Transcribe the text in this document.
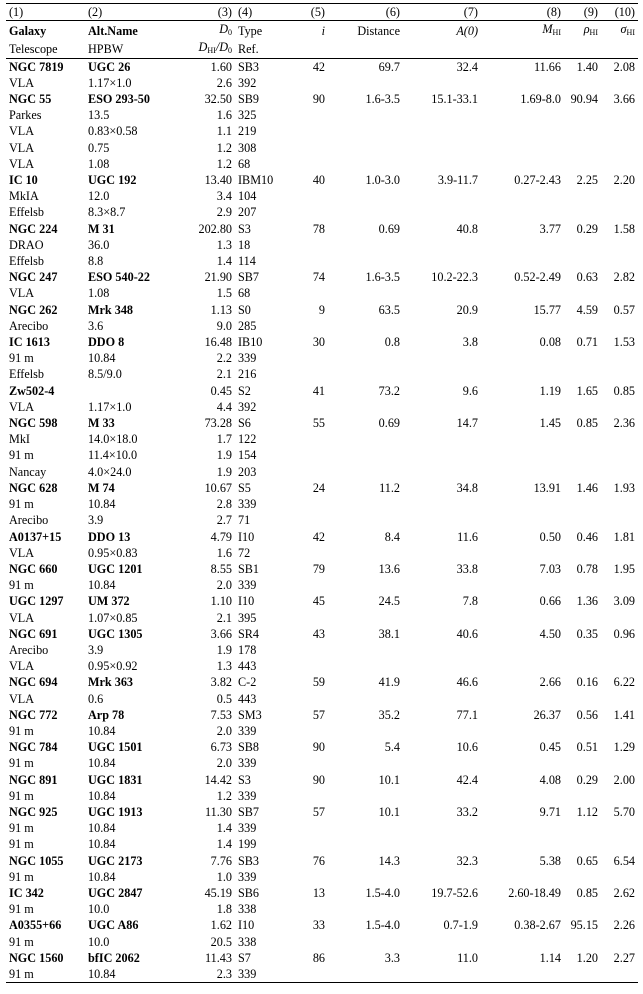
(1)	(2)	(3)	(4)	(5)	(6)	(7)	(8)	(9)	(10)
Galaxy	Alt.Name	$D_0$	Type	i	Distance	A(0)	$M_{HI}$	$\rho_{HI}$	$\sigma_{HI}$
Telescope	HPBW	$D_{HI}/D_0$	Ref.						
NGC 7819	UGC 26	1.60	SB3	42	69.7	32.4	11.66	1.40	2.08
VLA	1.17×1.0	2.6	392						
NGC 55	ESO 293-50	32.50	SB9	90	1.6-3.5	15.1-33.1	1.69-8.0	90.94	3.66
Parkes	13.5	1.6	325						
VLA	0.83×0.58	1.1	219						
VLA	0.75	1.2	308						
VLA	1.08	1.2	68						
IC 10	UGC 192	13.40	IBM10	40	1.0-3.0	3.9-11.7	0.27-2.43	2.25	2.20
MkIA	12.0	3.4	104						
Effelsb	8.3×8.7	2.9	207						
NGC 224	M 31	202.80	S3	78	0.69	40.8	3.77	0.29	1.58
DRAO	36.0	1.3	18						
Effelsb	8.8	1.4	114						
NGC 247	ESO 540-22	21.90	SB7	74	1.6-3.5	10.2-22.3	0.52-2.49	0.63	2.82
VLA	1.08	1.5	68						
NGC 262	Mrk 348	1.13	S0	9	63.5	20.9	15.77	4.59	0.57
Arecibo	3.6	9.0	285						
IC 1613	DDO 8	16.48	IB10	30	0.8	3.8	0.08	0.71	1.53
91 m	10.84	2.2	339						
Effelsb	8.5/9.0	2.1	216						
Zw502-4		0.45	S2	41	73.2	9.6	1.19	1.65	0.85
VLA	1.17×1.0	4.4	392						
NGC 598	M 33	73.28	S6	55	0.69	14.7	1.45	0.85	2.36
MkI	14.0×18.0	1.7	122						
91 m	11.4×10.0	1.9	154						
Nancay	4.0×24.0	1.9	203						
NGC 628	M 74	10.67	S5	24	11.2	34.8	13.91	1.46	1.93
91 m	10.84	2.8	339						
Arecibo	3.9	2.7	71						
A0137+15	DDO 13	4.79	I10	42	8.4	11.6	0.50	0.46	1.81
VLA	0.95×0.83	1.6	72						
NGC 660	UGC 1201	8.55	SB1	79	13.6	33.8	7.03	0.78	1.95
91 m	10.84	2.0	339						
UGC 1297	UM 372	1.10	I10	45	24.5	7.8	0.66	1.36	3.09
VLA	1.07×0.85	2.1	395						
NGC 691	UGC 1305	3.66	SR4	43	38.1	40.6	4.50	0.35	0.96
Arecibo	3.9	1.9	178						
VLA	0.95×0.92	1.3	443						
NGC 694	Mrk 363	3.82	C-2	59	41.9	46.6	2.66	0.16	6.22
VLA	0.6	0.5	443						
NGC 772	Arp 78	7.53	SM3	57	35.2	77.1	26.37	0.56	1.41
91 m	10.84	2.0	339						
NGC 784	UGC 1501	6.73	SB8	90	5.4	10.6	0.45	0.51	1.29
91 m	10.84	2.0	339						
NGC 891	UGC 1831	14.42	S3	90	10.1	42.4	4.08	0.29	2.00
91 m	10.84	1.2	339						
NGC 925	UGC 1913	11.30	SB7	57	10.1	33.2	9.71	1.12	5.70
91 m	10.84	1.4	339						
91 m	10.84	1.4	199						
NGC 1055	UGC 2173	7.76	SB3	76	14.3	32.3	5.38	0.65	6.54
91 m	10.84	1.0	339						
IC 342	UGC 2847	45.19	SB6	13	1.5-4.0	19.7-52.6	2.60-18.49	0.85	2.62
91 m	10.0	1.8	338						
A0355+66	UGC A86	1.62	I10	33	1.5-4.0	0.7-1.9	0.38-2.67	95.15	2.26
91 m	10.0	20.5	338						
NGC 1560	bfIC 2062	11.43	S7	86	3.3	11.0	1.14	1.20	2.27
91 m	10.84	2.3	339						
